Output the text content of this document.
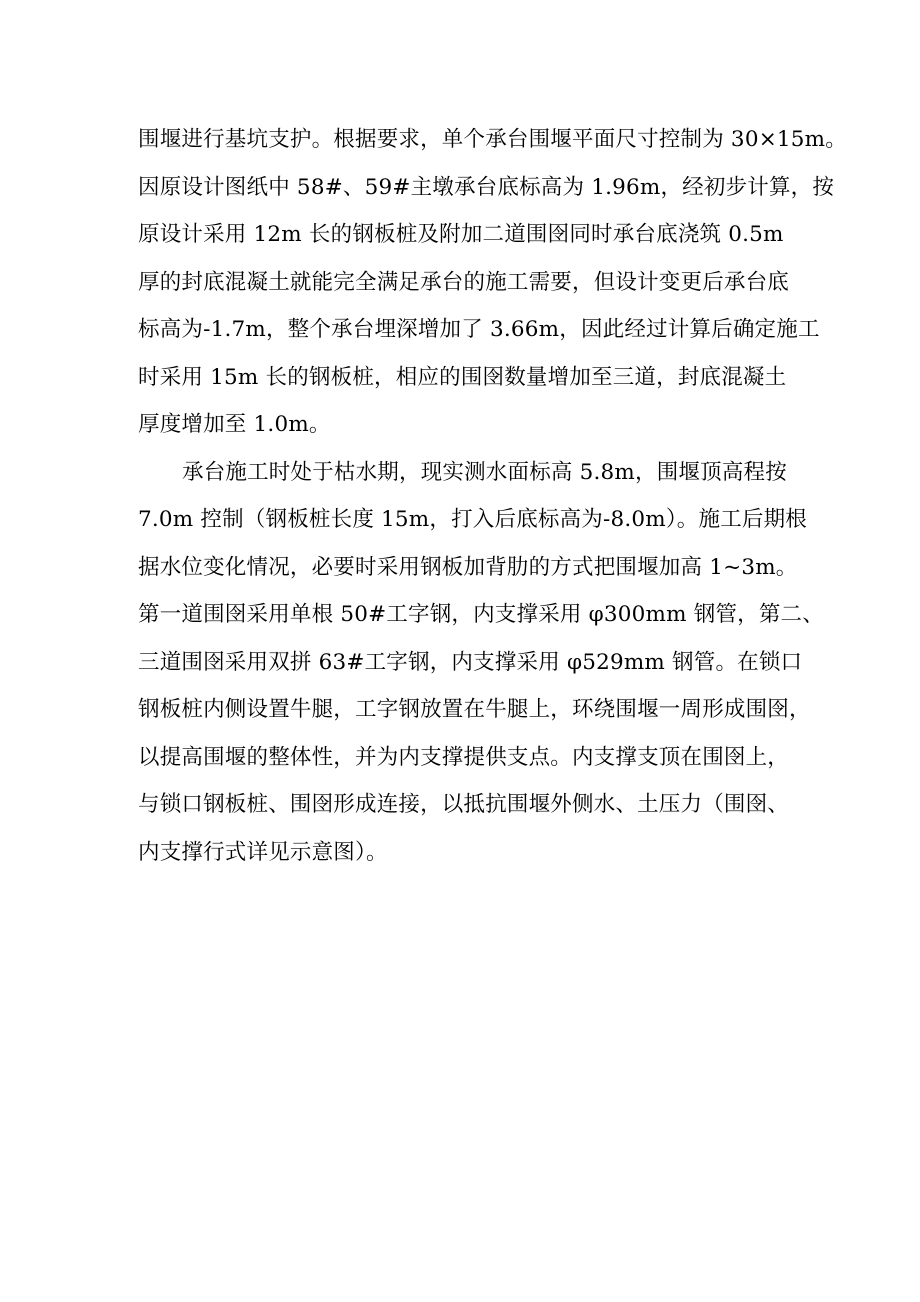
围堰进行基坑支护。根据要求，单个承台围堰平面尺寸控制为 30×15m。
因原设计图纸中 58#、59#主墩承台底标高为 1.96m，经初步计算，按
原设计采用 12m 长的钢板桩及附加二道围囹同时承台底浇筑 0.5m
厚的封底混凝土就能完全满足承台的施工需要，但设计变更后承台底
标高为-1.7m，整个承台埋深增加了 3.66m，因此经过计算后确定施工
时采用 15m 长的钢板桩，相应的围囹数量增加至三道，封底混凝土
厚度增加至 1.0m。
承台施工时处于枯水期，现实测水面标高 5.8m，围堰顶高程按
7.0m 控制（钢板桩长度 15m，打入后底标高为-8.0m）。施工后期根
据水位变化情况，必要时采用钢板加背肋的方式把围堰加高 1~3m。
第一道围囹采用单根 50#工字钢，内支撑采用 φ300mm 钢管，第二、
三道围囹采用双拼 63#工字钢，内支撑采用 φ529mm 钢管。在锁口
钢板桩内侧设置牛腿，工字钢放置在牛腿上，环绕围堰一周形成围囹，
以提高围堰的整体性，并为内支撑提供支点。内支撑支顶在围囹上，
与锁口钢板桩、围囹形成连接，以抵抗围堰外侧水、土压力（围囹、
内支撑行式详见示意图）。
